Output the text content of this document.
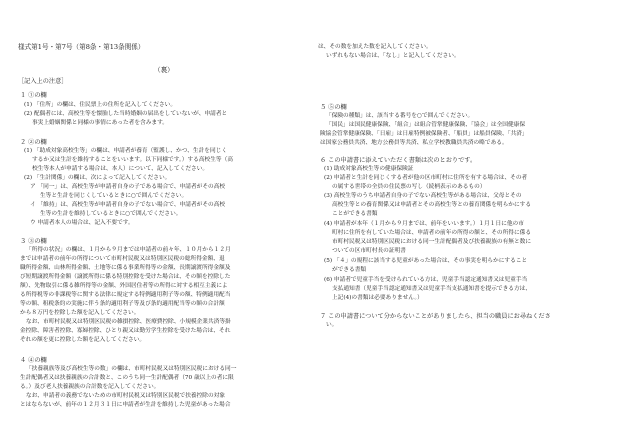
様式第1号・第7号（第8条・第13条関係）
（裏）
［記入上の注意］
１ ①の欄
(1) 「住所」の欄は、住民票上の住所を記入してください。
(2) 配偶者には、高校生等を懐胎した当時婚姻の届出をしていないが、申請者と
事実上婚姻関係と同様の事情にあった者を含みます。
２ ②の欄
(1) 「助成対象高校生等」の欄は、申請者が養育（監護し、かつ、生計を同じく
するか又は生計を維持することをいいます。以下同様です。）する高校生等（高
校生等本人が申請する場合は、本人）について、記入してください。
(2) 「生計関係」の欄は、次によって記入してください。
ア 「同一」は、高校生等が申請者自身の子である場合で、申請者がその高校
生等と生計を同じくしているときに○で囲んでください。
イ 「維持」は、高校生等が申請者自身の子でない場合で、申請者がその高校
生等の生計を維持しているときに○で囲んでください。
ウ 申請者本人の場合は、記入不要です。
３ ③の欄
「所得の状況」の欄は、１月から９月までは申請者の前々年、１０月から１２月
までは申請者の前年の所得について市町村民税又は特別区民税の総所得金額、退
職所得金額、山林所得金額、土地等に係る事業所得等の金額、長期譲渡所得金額及
び短期譲渡所得金額（譲渡所得に係る特別控除を受けた場合は、その額を控除した
額）、先物取引に係る雑所得等の金額、外国居住者等の所得に対する相互主義によ
る所得税等の非課税等に関する法律に規定する特例適用利子等の額、特例適用配当
等の額、租税条約の実施に伴う条約適用利子等及び条約適用配当等の額の合計額
から８万円を控除した額を記入してください。
なお、市町村民税又は特別区民税の雑損控除、医療費控除、小規模企業共済等掛
金控除、障害者控除、寡婦控除、ひとり親又は勤労学生控除を受けた場合は、それ
ぞれの額を更に控除した額を記入してください。
４ ④の欄
「扶養親族等及び高校生等の数」の欄は、市町村民税又は特別区民税における同一
生計配偶者又は扶養親族の合計数と、このうち同一生計配偶者（70 歳以上の者に限
る。）及び老人扶養親族の合計数を記入してください。
なお、申請者の義務でないための市町村民税又は特別区民税で扶養控除の対象
とはならないが、前年の１２月３１日に申請者が生計を維持した児童があった場合
は、その数を加えた数を記入してください。
いずれもない場合は、「なし」と記入してください。
５ ⑤の欄
「保険の種類」は、該当する番号を○で囲んでください。
「国民」は国民健康保険、「組合」は組合管掌健康保険、「協会」は全国健康保
険協会管掌健康保険、「日雇」は日雇特例被保険者、「船員」は船員保険、「共済」
は国家公務員共済、地方公務員等共済、私立学校教職員共済の略である。
６ この申請書に添えていただく書類は次のとおりです。
(1) 助成対象高校生等の健康保険証
(2) 申請者と生計を同じくする者が他の区市町村に住所を有する場合は、その者
の属する世帯の全員の住民票の写し（続柄表示のあるもの）
(3) 高校生等のうち申請者自身の子でない高校生等がある場合は、父母とその
高校生等との養育関係又は申請者とその高校生等との養育関係を明らかにする
ことができる書類
(4) 申請者が本年（１月から９月までは、前年をいいます。）１月１日に他の市
町村に住所を有していた場合は、申請者の前年の所得の額と、その所得に係る
市町村民税又は特別区民税における同一生計配偶者及び扶養親族の有無と数に
ついての区市町村長の証明書
(5) 「４」の規程に該当する児童があった場合は、その事実を明らかにすること
ができる書類
(6) 申請者で児童手当を受けられている方は、児童手当認定通知書又は児童手当
支払通知書（児童手当認定通知書又は児童手当支払通知書を提示できる方は、
上記(4)の書類は必要ありません。）
７ この申請書について分からないことがありましたら、担当の職員にお尋ねくださ
い。
